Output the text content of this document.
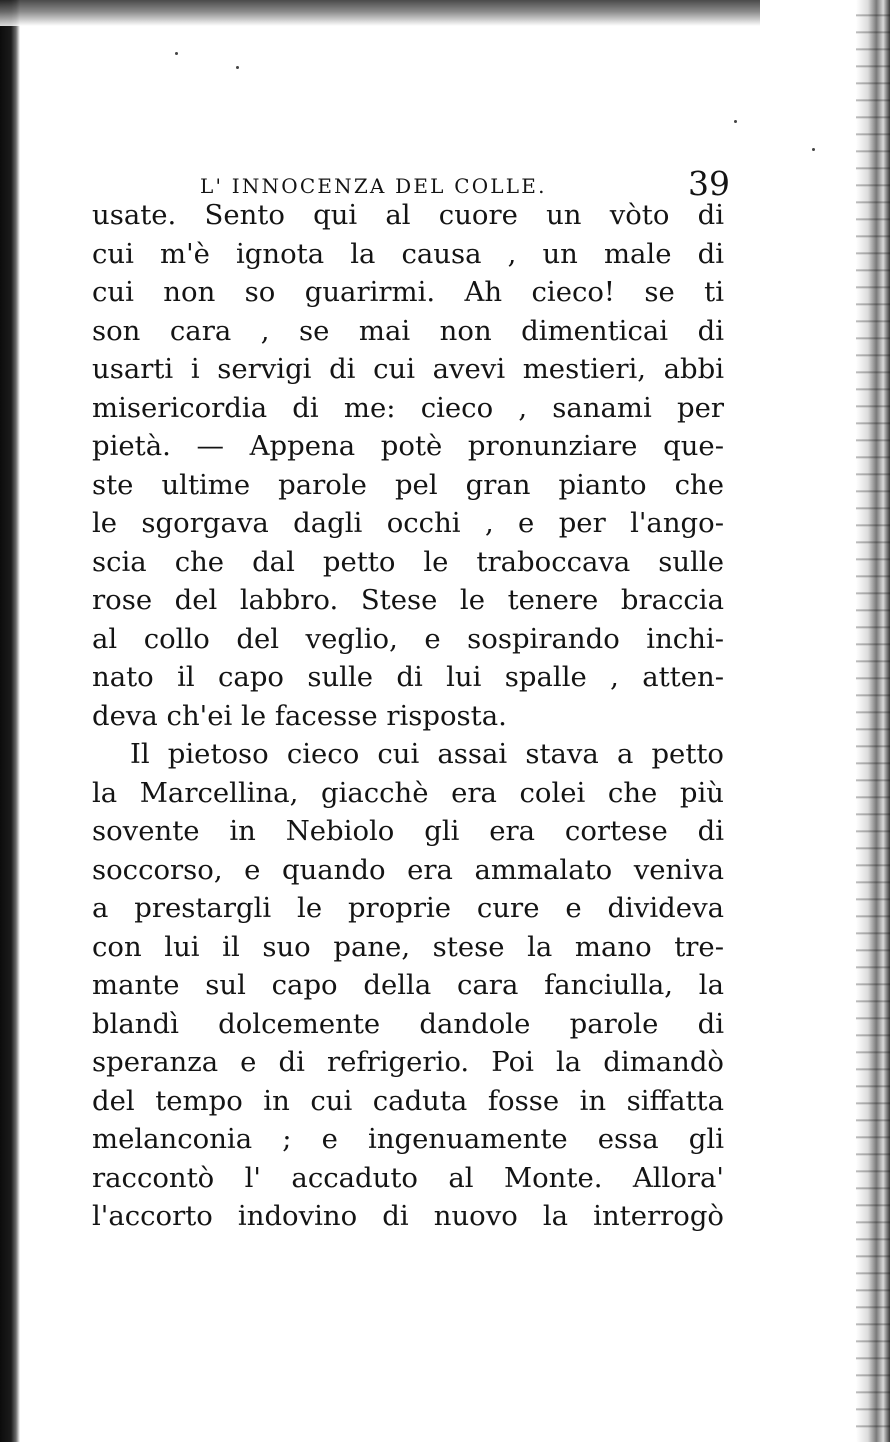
L' INNOCENZA DEL COLLE.	39
usate. Sento qui al cuore un vòto di
cui m'è ignota la causa , un male di
cui non so guarirmi. Ah cieco! se ti
son cara , se mai non dimenticai di
usarti i servigi di cui avevi mestieri, abbi
misericordia di me: cieco , sanami per
pietà. — Appena potè pronunziare que-
ste ultime parole pel gran pianto che
le sgorgava dagli occhi , e per l'ango-
scia che dal petto le traboccava sulle
rose del labbro. Stese le tenere braccia
al collo del veglio, e sospirando inchi-
nato il capo sulle di lui spalle , atten-
deva ch'ei le facesse risposta.
Il pietoso cieco cui assai stava a petto
la Marcellina, giacchè era colei che più
sovente in Nebiolo gli era cortese di
soccorso, e quando era ammalato veniva
a prestargli le proprie cure e divideva
con lui il suo pane, stese la mano tre-
mante sul capo della cara fanciulla, la
blandì dolcemente dandole parole di
speranza e di refrigerio. Poi la dimandò
del tempo in cui caduta fosse in siffatta
melanconia ; e ingenuamente essa gli
raccontò l' accaduto al Monte. Allora'
l'accorto indovino di nuovo la interrogò
